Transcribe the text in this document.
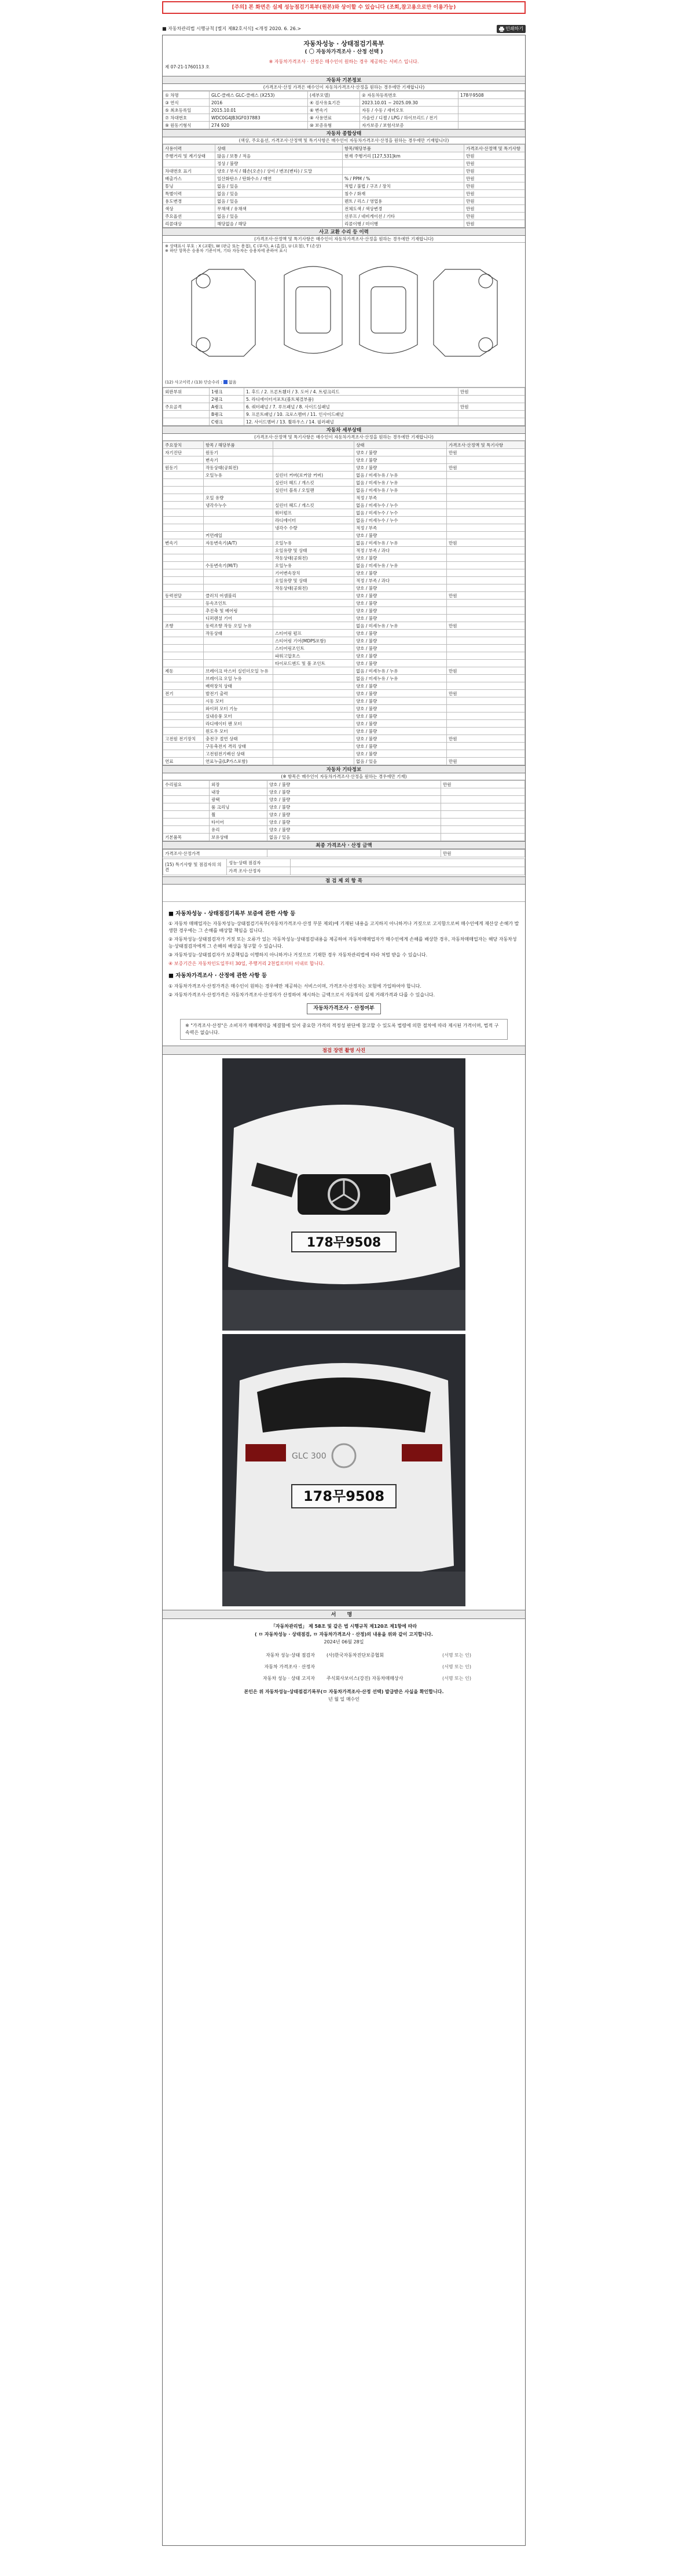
[주의] 본 화면은 실제 성능점검기록부(원본)와 상이할 수 있습니다 (조회,참고용으로만 이용가능)
■ 자동차관리법 시행규칙 [별지 제82호서식] <개정 2020. 6. 26.>	인쇄하기
자동차성능 · 상태점검기록부
( 〇 자동차가격조사 · 산정 선택 )
※ 자동차가격조사 · 산정은 매수인이 원하는 경우 제공하는 서비스 입니다.
제 07-21-1760113 호
자동차 기본정보
(가격조사·산정 가격은 매수인이 자동차가격조사·산정을 원하는 경우에만 기재합니다)
① 차명	GLC-클래스 GLC-클래스 (X253)	(세부모델)	② 자동차등록번호	178무9508
③ 연식	2016	④ 검사유효기간	2023.10.01 ~ 2025.09.30	
⑤ 최초등록일	2015.10.01	⑥ 변속기	자동 / 수동 / 세미오토	
⑦ 차대번호	WDC0G4JB3GF037883	⑧ 사용연료	가솔린 / 디젤 / LPG / 하이브리드 / 전기	
⑨ 원동기형식	274 920	⑩ 보증유형	자가보증 / 보험사보증	
자동차 종합상태
(색상, 주요옵션, 가격조사·산정액 및 특기사항은 매수인이 자동차가격조사·산정을 원하는 경우에만 기재합니다)
사용이력	상태	항목/해당부품	가격조사·산정액 및 특기사항
주행거리 및 계기상태	많음 / 보통 / 적음	현재 주행거리 [127,531]km	만원
	정상 / 불량		만원
차대번호 표기	양호 / 부식 / 훼손(오손) / 상이 / 변조(변타) / 도말		만원
배출가스	일산화탄소 / 탄화수소 / 매연	% / PPM / %	만원
튜닝	없음 / 있음	적법 / 불법 / 구조 / 장치	만원
특별이력	없음 / 있음	침수 / 화재	만원
용도변경	없음 / 있음	렌트 / 리스 / 영업용	만원
색상	무채색 / 유채색	전체도색 / 색상변경	만원
주요옵션	없음 / 있음	선루프 / 네비게이션 / 기타	만원
리콜대상	해당없음 / 해당	리콜이행 / 미이행	만원
사고 교환 수리 등 이력
(가격조사·산정액 및 특기사항은 매수인이 자동차가격조사·산정을 원하는 경우에만 기재합니다)
※ 상태표시 부호 : X (교환), W (판금 또는 용접), C (부식), A (흠집), U (요철), T (손상)
※ 하단 항목은 승용차 기준이며, 기타 자동차는 승용차에 준하여 표시
(12) 사고이력 / (13) 단순수리 : 없음
외판부위	1랭크	1. 후드 / 2. 프론트휀더 / 3. 도어 / 4. 트렁크리드	만원
	2랭크	5. 라디에이터서포트(볼트체결부품)	
주요골격	A랭크	6. 쿼터패널 / 7. 루프패널 / 8. 사이드실패널	만원
	B랭크	9. 프론트패널 / 10. 크로스멤버 / 11. 인사이드패널	
	C랭크	12. 사이드멤버 / 13. 휠하우스 / 14. 필러패널	
자동차 세부상태
(가격조사·산정액 및 특기사항은 매수인이 자동차가격조사·산정을 원하는 경우에만 기재합니다)
주요장치	항목 / 해당부품		상태	가격조사·산정액 및 특기사항
자기진단	원동기		양호 / 불량	만원
	변속기		양호 / 불량	
원동기	작동상태(공회전)		양호 / 불량	만원
	오일누유	실린더 커버(로커암 커버)	없음 / 미세누유 / 누유	
		실린더 헤드 / 개스킷	없음 / 미세누유 / 누유	
		실린더 블록 / 오일팬	없음 / 미세누유 / 누유	
	오일 유량		적정 / 부족	
	냉각수누수	실린더 헤드 / 개스킷	없음 / 미세누수 / 누수	
		워터펌프	없음 / 미세누수 / 누수	
		라디에이터	없음 / 미세누수 / 누수	
		냉각수 수량	적정 / 부족	
	커먼레일		양호 / 불량	
변속기	자동변속기(A/T)	오일누유	없음 / 미세누유 / 누유	만원
		오일유량 및 상태	적정 / 부족 / 과다	
		작동상태(공회전)	양호 / 불량	
	수동변속기(M/T)	오일누유	없음 / 미세누유 / 누유	
		기어변속장치	양호 / 불량	
		오일유량 및 상태	적정 / 부족 / 과다	
		작동상태(공회전)	양호 / 불량	
동력전달	클러치 어셈블리		양호 / 불량	만원
	등속조인트		양호 / 불량	
	추진축 및 베어링		양호 / 불량	
	디퍼렌셜 기어		양호 / 불량	
조향	동력조향 작동 오일 누유		없음 / 미세누유 / 누유	만원
	작동상태	스티어링 펌프	양호 / 불량	
		스티어링 기어(MDPS포함)	양호 / 불량	
		스티어링조인트	양호 / 불량	
		파워고압호스	양호 / 불량	
		타이로드엔드 및 볼 조인트	양호 / 불량	
제동	브레이크 마스터 실린더오일 누유		없음 / 미세누유 / 누유	만원
	브레이크 오일 누유		없음 / 미세누유 / 누유	
	배력장치 상태		양호 / 불량	
전기	발전기 출력		양호 / 불량	만원
	시동 모터		양호 / 불량	
	와이퍼 모터 기능		양호 / 불량	
	실내송풍 모터		양호 / 불량	
	라디에이터 팬 모터		양호 / 불량	
	윈도우 모터		양호 / 불량	
고전원 전기장치	충전구 절연 상태		양호 / 불량	만원
	구동축전지 격리 상태		양호 / 불량	
	고전원전기배선 상태		양호 / 불량	
연료	연료누출(LP가스포함)		없음 / 있음	만원
자동차 기타정보
(※ 항목은 매수인이 자동차가격조사·산정을 원하는 경우에만 기재)
수리필요	외장	양호 / 불량	만원
	내장	양호 / 불량	
	광택	양호 / 불량	
	룸 크리닝	양호 / 불량	
	휠	양호 / 불량	
	타이어	양호 / 불량	
	유리	양호 / 불량	
기본품목	보유상태	없음 / 있음	
최종 가격조사 · 산정 금액
가격조사·산정가격		만원
(15) 특기사항 및 점검자의 의견	성능·상태 점검자	
	가격 조사·산정자	
점 검 제 외 항 목
■ 자동차성능 · 상태점검기록부 보증에 관한 사항 등

① 자동차 매매업자는 자동차성능·상태점검기록부(자동차가격조사·산정 부분 제외)에 기재된 내용을 고지하지 아니하거나 거짓으로 고지함으로써 매수인에게 재산상 손해가 발생한 경우에는 그 손해를 배상할 책임을 집니다.

② 자동차성능·상태점검자가 거짓 또는 오류가 있는 자동차성능·상태점검내용을 제공하여 자동차매매업자가 매수인에게 손해를 배상한 경우, 자동차매매업자는 해당 자동차성능·상태점검자에게 그 손해의 배상을 청구할 수 있습니다.

③ 자동차성능·상태점검자가 보증책임을 이행하지 아니하거나 거짓으로 기재한 경우 자동차관리법에 따라 처벌 받을 수 있습니다.

④ 보증기간은 자동차인도일부터 30일, 주행거리 2천킬로미터 이내로 합니다.

■ 자동차가격조사 · 산정에 관한 사항 등

① 자동차가격조사·산정가격은 매수인이 원하는 경우에만 제공하는 서비스이며, 가격조사·산정자는 보험에 가입하여야 합니다.

② 자동차가격조사·산정가격은 자동차가격조사·산정자가 산정하여 제시하는 금액으로서 자동차의 실제 거래가격과 다를 수 있습니다.

자동차가격조사 · 산정여부
※ "가격조사·산정"은 소비자가 매매계약을 체결함에 있어 중요한 가격의 적정성 판단에 참고할 수 있도록 법령에 의한 절차에 따라 제시된 가격이며, 법적 구속력은 없습니다.
점검 장면 촬영 사진
178무9508
GLC 300
178무9508
서 명
「자동차관리법」 제 58조 및 같은 법 시행규칙 제120조 제1항에 따라
( ㅁ 자동차성능 · 상태점검, ㅁ 자동차가격조사 · 산정)의 내용을 위와 같이 고지합니다.
2024년 06월 28일
자동차 성능·상태 점검자	(사)한국자동차진단보증협회	(서명 또는 인)
자동차 가격조사 · 산정자	(서명 또는 인)
자동차 성능 · 상태 고지자	주식회사보이스(강진) 자동차매매상사	(서명 또는 인)
본인은 위 자동차성능·상태점검기록부(ㅁ 자동차가격조사·산정 선택) 발급받은 사실을 확인합니다.
년 월 일 매수인
